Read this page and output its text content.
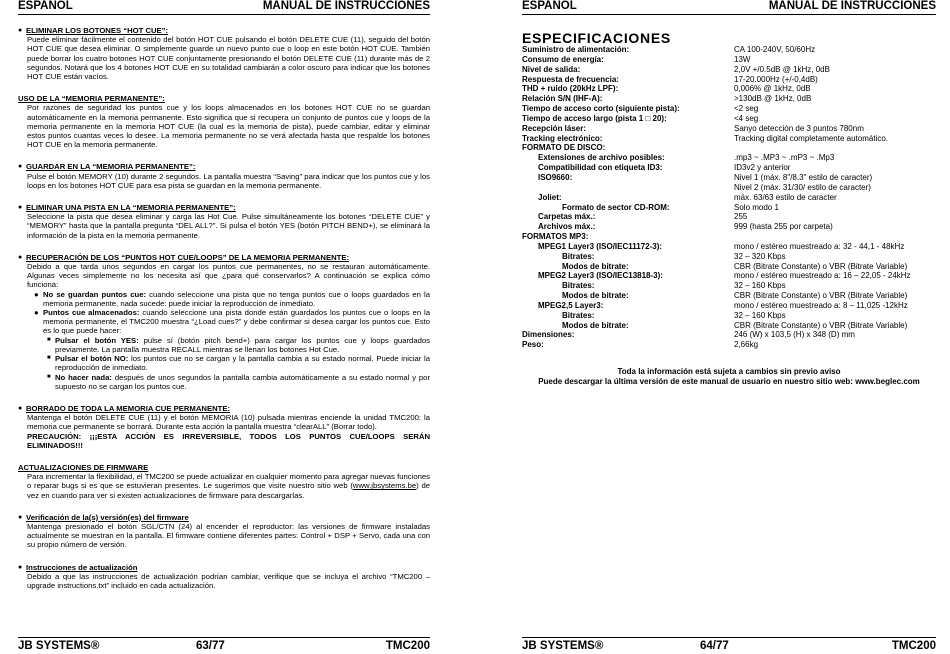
ESPAÑOL	MANUAL DE INSTRUCCIONES
● ELIMINAR LOS BOTONES “HOT CUE”:
Puede eliminar fácilmente el contenido del botón HOT CUE pulsando el botón DELETE CUE (11), seguido del botón HOT CUE que desea eliminar. O simplemente guarde un nuevo punto cue o loop en este botón HOT CUE. También puede borrar los cuatro botones HOT CUE conjuntamente presionando el botón DELETE CUE (11) durante más de 2 segundos. Notará que los 4 botones HOT CUE en su totalidad cambiarán a color oscuro para indicar que los botones HOT CUE están vacíos.
USO DE LA “MEMORIA PERMANENTE”:
Por razones de seguridad los puntos cue y los loops almacenados en los botones HOT CUE no se guardan automáticamente en la memoria permanente. Esto significa que si recupera un conjunto de puntos cue y loops de la memoria permanente en la memoria HOT CUE (la cual es la memoria de pista), puede cambiar, editar y eliminar estos puntos cuantas veces lo desee. La memoria permanente no se verá afectada hasta que respalde los botones HOT CUE en la memoria permanente.
● GUARDAR EN LA “MEMORIA PERMANENTE”:
Pulse el botón MEMORY (10) durante 2 segundos. La pantalla muestra “Saving” para indicar que los puntos cue y los loops en los botones HOT CUE para esa pista se guardan en la memoria permanente.
● ELIMINAR UNA PISTA EN LA “MEMORIA PERMANENTE”:
Seleccione la pista que desea eliminar y carga las Hot Cue. Pulse simultáneamente los botones “DELETE CUE” y “MEMORY” hasta que la pantalla pregunta “DEL ALL?”. Si pulsa el botón YES (botón PITCH BEND+), se eliminará la información de la pista en la memoria permanente.
● RECUPERACIÓN DE LOS “PUNTOS HOT CUE/LOOPS” DE LA MEMORIA PERMANENTE:
Debido a que tarda unos segundos en cargar los puntos cue permanentes, no se restauran automáticamente. Algunas veces simplemente no los necesita así que ¿para qué conservarlos? A continuación se explica cómo funciona:
● No se guardan puntos cue: cuando seleccione una pista que no tenga puntos cue o loops guardados en la memoria permanente, nada sucede: puede iniciar la reproducción de inmediato.
● Puntos cue almacenados: cuando seleccione una pista donde están guardados los puntos cue o loops en la memoria permanente, el TMC200 muestra “¿Load cues?” y debe confirmar si desea cargar los puntos cue. Esto es lo que puede hacer:
■ Pulsar el botón YES: pulse sí (botón pitch bend+) para cargar los puntos cue y loops guardados previamente. La pantalla muestra RECALL mientras se llenan los botones Hot Cue.
■ Pulsar el botón NO: los puntos cue no se cargan y la pantalla cambia a su estado normal. Puede iniciar la reproducción de inmediato.
■ No hacer nada: después de unos segundos la pantalla cambia automáticamente a su estado normal y por supuesto no se cargan los puntos cue.
● BORRADO DE TODA LA MEMORIA CUE PERMANENTE:
Mantenga el botón DELETE CUE (11) y el botón MEMORIA (10) pulsada mientras enciende la unidad TMC200: la memoria cue permanente se borrará. Durante esta acción la pantalla muestra “clearALL” (Borrar todo).
PRECAUCIÓN: ¡¡¡ESTA ACCIÓN ES IRREVERSIBLE, TODOS LOS PUNTOS CUE/LOOPS SERÁN ELIMINADOS!!!
ACTUALIZACIONES DE FIRMWARE
Para incrementar la flexibilidad, el TMC200 se puede actualizar en cualquier momento para agregar nuevas funciones o reparar bugs si es que se estuvieran presentes. Le sugerimos que visite nuestro sitio web (www.jbsystems.be) de vez en cuando para ver si existen actualizaciones de firmware para descargarlas.
● Verificación de la(s) versión(es) del firmware
Mantenga presionado el botón SGL/CTN (24) al encender el reproductor: las versiones de firmware instaladas actualmente se muestran en la pantalla. El firmware contiene diferentes partes: Control + DSP + Servo, cada una con su propio número de versión.
● Instrucciones de actualización
Debido a que las instrucciones de actualización podrían cambiar, verifique que se incluya el archivo “TMC200 – upgrade instructions.txt” incluido en cada actualización.
JB SYSTEMS®	63/77	TMC200
ESPAÑOL	MANUAL DE INSTRUCCIONES
ESPECIFICACIONES
Suministro de alimentación:	CA 100-240V, 50/60Hz
Consumo de energía:	13W
Nivel de salida:	2,0V +/0.5dB @ 1kHz, 0dB
Respuesta de frecuencia:	17-20.000Hz (+/-0,4dB)
THD + ruido (20kHz LPF):	0,006% @ 1kHz, 0dB
Relación S/N (IHF-A):	>130dB @ 1kHz, 0dB
Tiempo de acceso corto (siguiente pista):	<2 seg
Tiempo de acceso largo (pista 1 □ 20):	<4 seg
Recepción láser:	Sanyo detección de 3 puntos 780nm
Tracking electrónico:	Tracking digital completamente automático.
FORMATO DE DISCO:
Extensiones de archivo posibles:	.mp3 ~ .MP3 ~ .mP3 ~ .Mp3
Compatibilidad con etiqueta ID3:	ID3v2 y anterior
ISO9660:	Nivel 1 (máx. 8"/8.3" estilo de caracter)
Nivel 2 (máx. 31/30/ estilo de caracter)
Joliet:	máx. 63/63 estilo de caracter
Formato de sector CD-ROM:	Solo modo 1
Carpetas máx.:	255
Archivos máx.:	999 (hasta 255 por carpeta)
FORMATOS MP3:
MPEG1 Layer3 (ISO/IEC11172-3):	mono / estéreo muestreado a: 32 - 44,1 - 48kHz
Bitrates:	32 – 320 Kbps
Modos de bitrate:	CBR (Bitrate Constante) o VBR (Bitrate Variable)
MPEG2 Layer3 (ISO/IEC13818-3):	mono / estéreo muestreado a: 16 – 22,05 - 24kHz
Bitrates:	32 – 160 Kbps
Modos de bitrate:	CBR (Bitrate Constante) o VBR (Bitrate Variable)
MPEG2,5 Layer3:	mono / estéreo muestreado a: 8 – 11,025 -12kHz
Bitrates:	32 – 160 Kbps
Modos de bitrate:	CBR (Bitrate Constante) o VBR (Bitrate Variable)
Dimensiones:	246 (W) x 103,5 (H) x 348 (D) mm
Peso:	2,66kg
Toda la información está sujeta a cambios sin previo aviso
Puede descargar la última versión de este manual de usuario en nuestro sitio web: www.beglec.com
JB SYSTEMS®	64/77	TMC200
